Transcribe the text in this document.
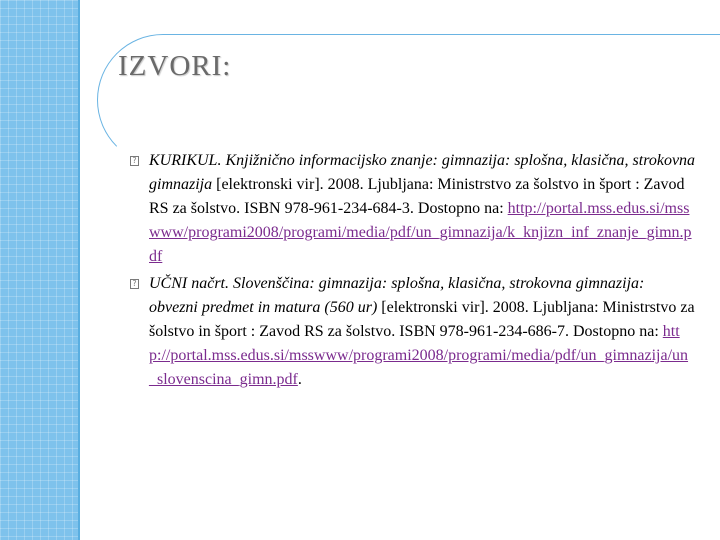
IZVORI:
? KURIKUL. Knjižnično informacijsko znanje: gimnazija: splošna, klasična, strokovna gimnazija [elektronski vir]. 2008. Ljubljana: Ministrstvo za šolstvo in šport : Zavod RS za šolstvo. ISBN 978-961-234-684-3. Dostopno na: http://portal.mss.edus.si/msswww/programi2008/programi/media/pdf/un_gimnazija/k_knjizn_inf_znanje_gimn.pdf
? UČNI načrt. Slovenščina: gimnazija: splošna, klasična, strokovna gimnazija: obvezni predmet in matura (560 ur) [elektronski vir]. 2008. Ljubljana: Ministrstvo za šolstvo in šport : Zavod RS za šolstvo. ISBN 978-961-234-686-7. Dostopno na: http://portal.mss.edus.si/msswww/programi2008/programi/media/pdf/un_gimnazija/un_slovenscina_gimn.pdf.
